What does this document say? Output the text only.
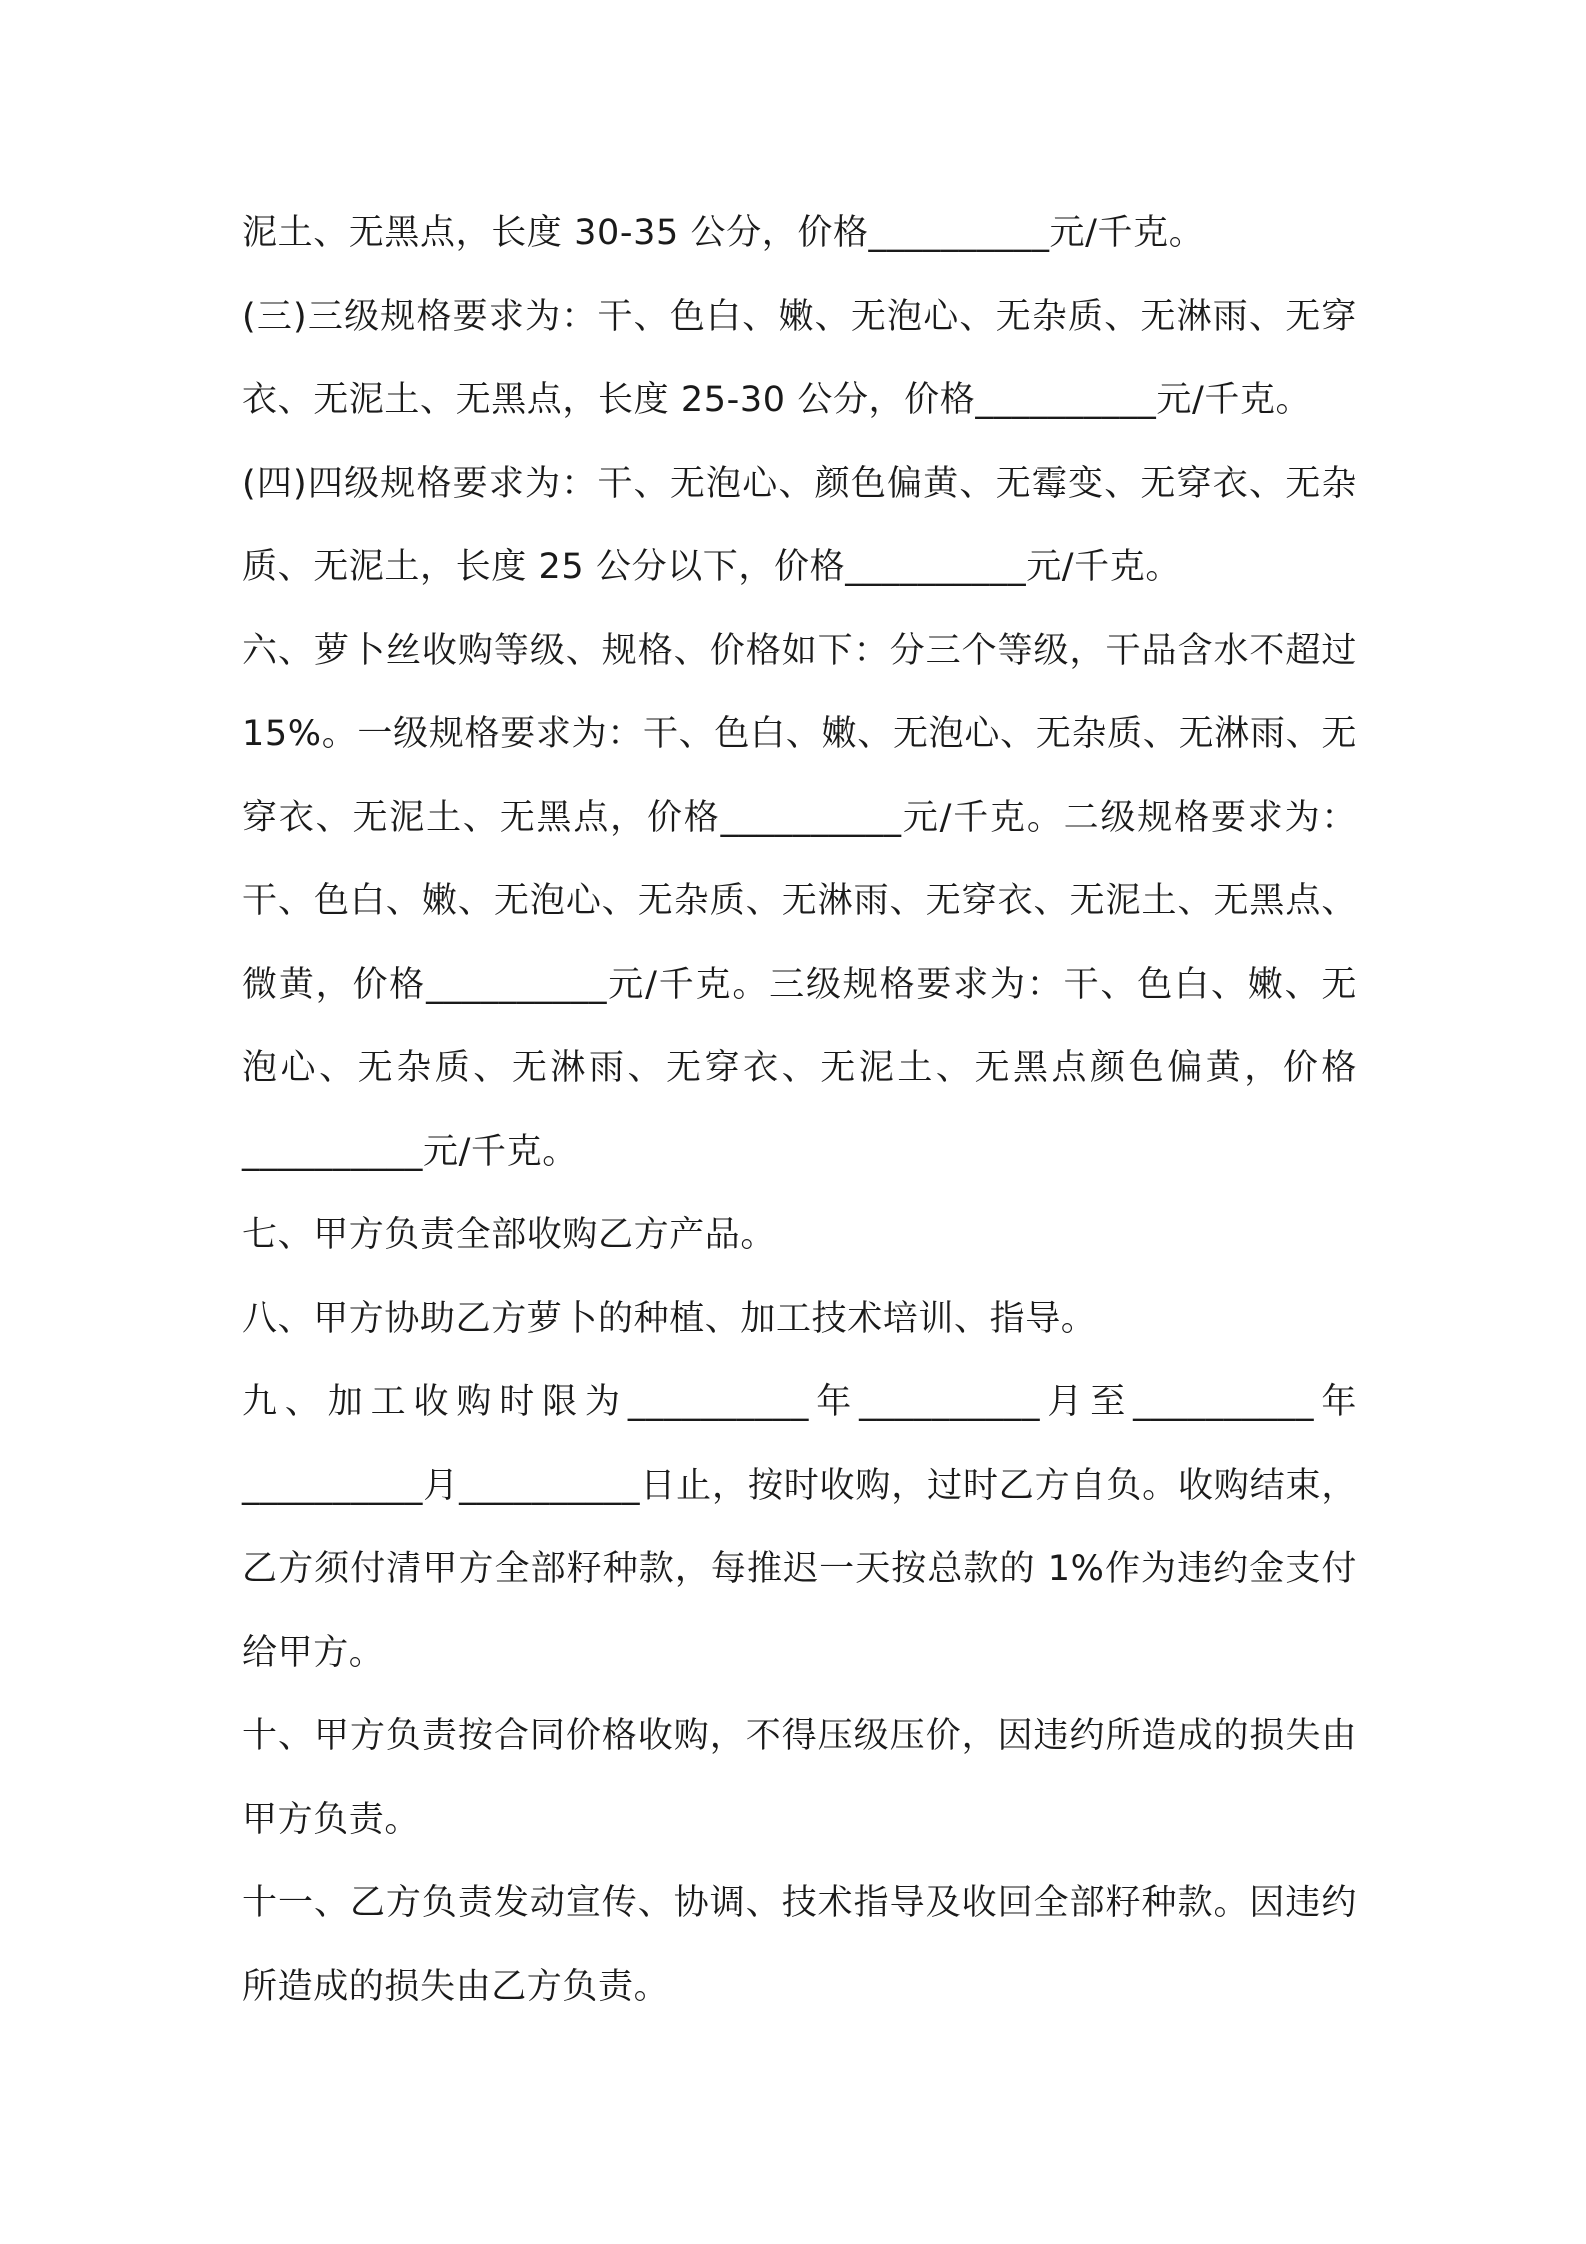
泥土、无黑点，长度 30-35 公分，价格__________元/千克。

(三)三级规格要求为：干、色白、嫩、无泡心、无杂质、无淋雨、无穿衣、无泥土、无黑点，长度 25-30 公分，价格__________元/千克。

(四)四级规格要求为：干、无泡心、颜色偏黄、无霉变、无穿衣、无杂质、无泥土，长度 25 公分以下，价格__________元/千克。

六、萝卜丝收购等级、规格、价格如下：分三个等级，干品含水不超过 15%。一级规格要求为：干、色白、嫩、无泡心、无杂质、无淋雨、无穿衣、无泥土、无黑点，价格__________元/千克。二级规格要求为：干、色白、嫩、无泡心、无杂质、无淋雨、无穿衣、无泥土、无黑点、微黄，价格__________元/千克。三级规格要求为：干、色白、嫩、无泡心、无杂质、无淋雨、无穿衣、无泥土、无黑点颜色偏黄，价格__________元/千克。

七、甲方负责全部收购乙方产品。

八、甲方协助乙方萝卜的种植、加工技术培训、指导。

九、加工收购时限为__________年__________月至__________年__________月__________日止，按时收购，过时乙方自负。收购结束，乙方须付清甲方全部籽种款，每推迟一天按总款的 1%作为违约金支付给甲方。

十、甲方负责按合同价格收购，不得压级压价，因违约所造成的损失由甲方负责。

十一、乙方负责发动宣传、协调、技术指导及收回全部籽种款。因违约所造成的损失由乙方负责。
